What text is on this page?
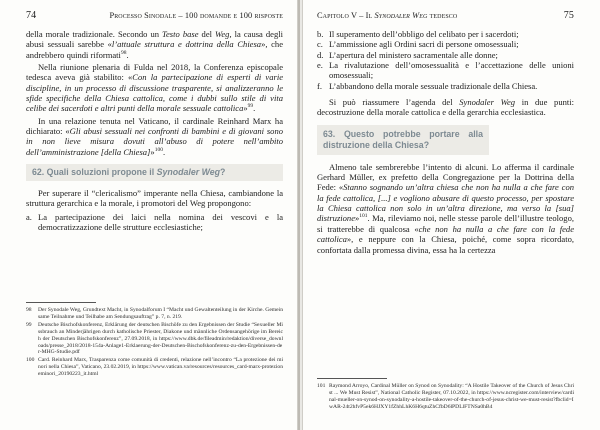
74	Processo Sinodale – 100 domande e 100 risposte

della morale tradizionale. Secondo un Testo base del Weg, la causa degli abusi sessuali sarebbe «l’attuale struttura e dottrina della Chiesa», che andrebbero quindi riformati$^{98}$.

Nella riunione plenaria di Fulda nel 2018, la Conferenza episcopale tedesca aveva già stabilito: «Con la partecipazione di esperti di varie discipline, in un processo di discussione trasparente, si analizzeranno le sfide specifiche della Chiesa cattolica, come i dubbi sullo stile di vita celibe dei sacerdoti e altri punti della morale sessuale cattolica»$^{99}$.

In una relazione tenuta nel Vaticano, il cardinale Reinhard Marx ha dichiarato: «Gli abusi sessuali nei confronti di bambini e di giovani sono in non lieve misura dovuti all’abuso di potere nell’ambito dell’amministrazione [della Chiesa]»$^{100}$.

62. Quali soluzioni propone il Synodaler Weg?

Per superare il “clericalismo” imperante nella Chiesa, cambiandone la struttura gerarchica e la morale, i promotori del Weg propongono:

a. La partecipazione dei laici nella nomina dei vescovi e la democratizzazione delle strutture ecclesiastiche;
98	Der Synodale Weg, Grundtext Macht, in Synodalforum I “Macht und Gewaltenteilung in der Kirche. Gemeinsame Teilnahme und Teilhabe am Sendungsauftrag” p. 7, n. 219.
99	Deutsche Bischofskonferenz, Erklärung der deutschen Bischöfe zu den Ergebnissen der Studie “Sexueller Missbrauch an Minderjährigen durch katholische Priester, Diakone und männliche Ordensangehörige im Bereich der Deutschen Bischofskonferenz”, 27.09.2018, in https://www.dbk.de/fileadmin/redaktion/diverse_downloads/presse_2018/2018-154a-Anlage1-Erklaerung-der-Deutschen-Bischofskonferenz-zu-den-Ergebnissen-der-MHG-Studie.pdf
100 Card. Reinhard Marx, Trasparenza come comunità di credenti, relazione nell’incontro “La protezione dei minori nella Chiesa”, Vaticano, 23.02.2019, in https://www.vatican.va/resources/resources_card-marx-protezioneminori_20190223_it.html
Capitolo V – Il Synodaler Weg tedesco	75
b. Il superamento dell’obbligo del celibato per i sacerdoti;
c. L’ammissione agli Ordini sacri di persone omosessuali;
d. L’apertura del ministero sacramentale alle donne;
e. La rivalutazione dell’omosessualità e l’accettazione delle unioni omosessuali;
f. L’abbandono della morale sessuale tradizionale della Chiesa.

Si può riassumere l’agenda del Synodaler Weg in due punti: decostruzione della morale cattolica e della gerarchia ecclesiastica.

63. Questo potrebbe portare alla distruzione della Chiesa?

Almeno tale sembrerebbe l’intento di alcuni. Lo afferma il cardinale Gerhard Müller, ex prefetto della Congregazione per la Dottrina della Fede: «Stanno sognando un’altra chiesa che non ha nulla a che fare con la fede cattolica, [...] e vogliono abusare di questo processo, per spostare la Chiesa cattolica non solo in un’altra direzione, ma verso la [sua] distruzione»$^{101}$. Ma, rileviamo noi, nelle stesse parole dell’illustre teologo, si tratterebbe di qualcosa «che non ha nulla a che fare con la fede cattolica», e neppure con la Chiesa, poiché, come sopra ricordato, confortata dalla promessa divina, essa ha la certezza

101 Raymond Arroyo, Cardinal Müller on Synod on Synodality: “A Hostile Takeover of the Church of Jesus Christ ... We Must Resist”, National Catholic Register, 07.10.2022, in https://www.ncregister.com/interview/cardinal-mueller-on-synod-on-synodality-a-hostile-takeover-of-the-church-of-jesus-christ-we-must-resist?fbclid=IwAR-24t2hfvP5ek6HJXY1fZhhLhK6H6qtuZhCfbD6lPDLlFTNSa0hB4
